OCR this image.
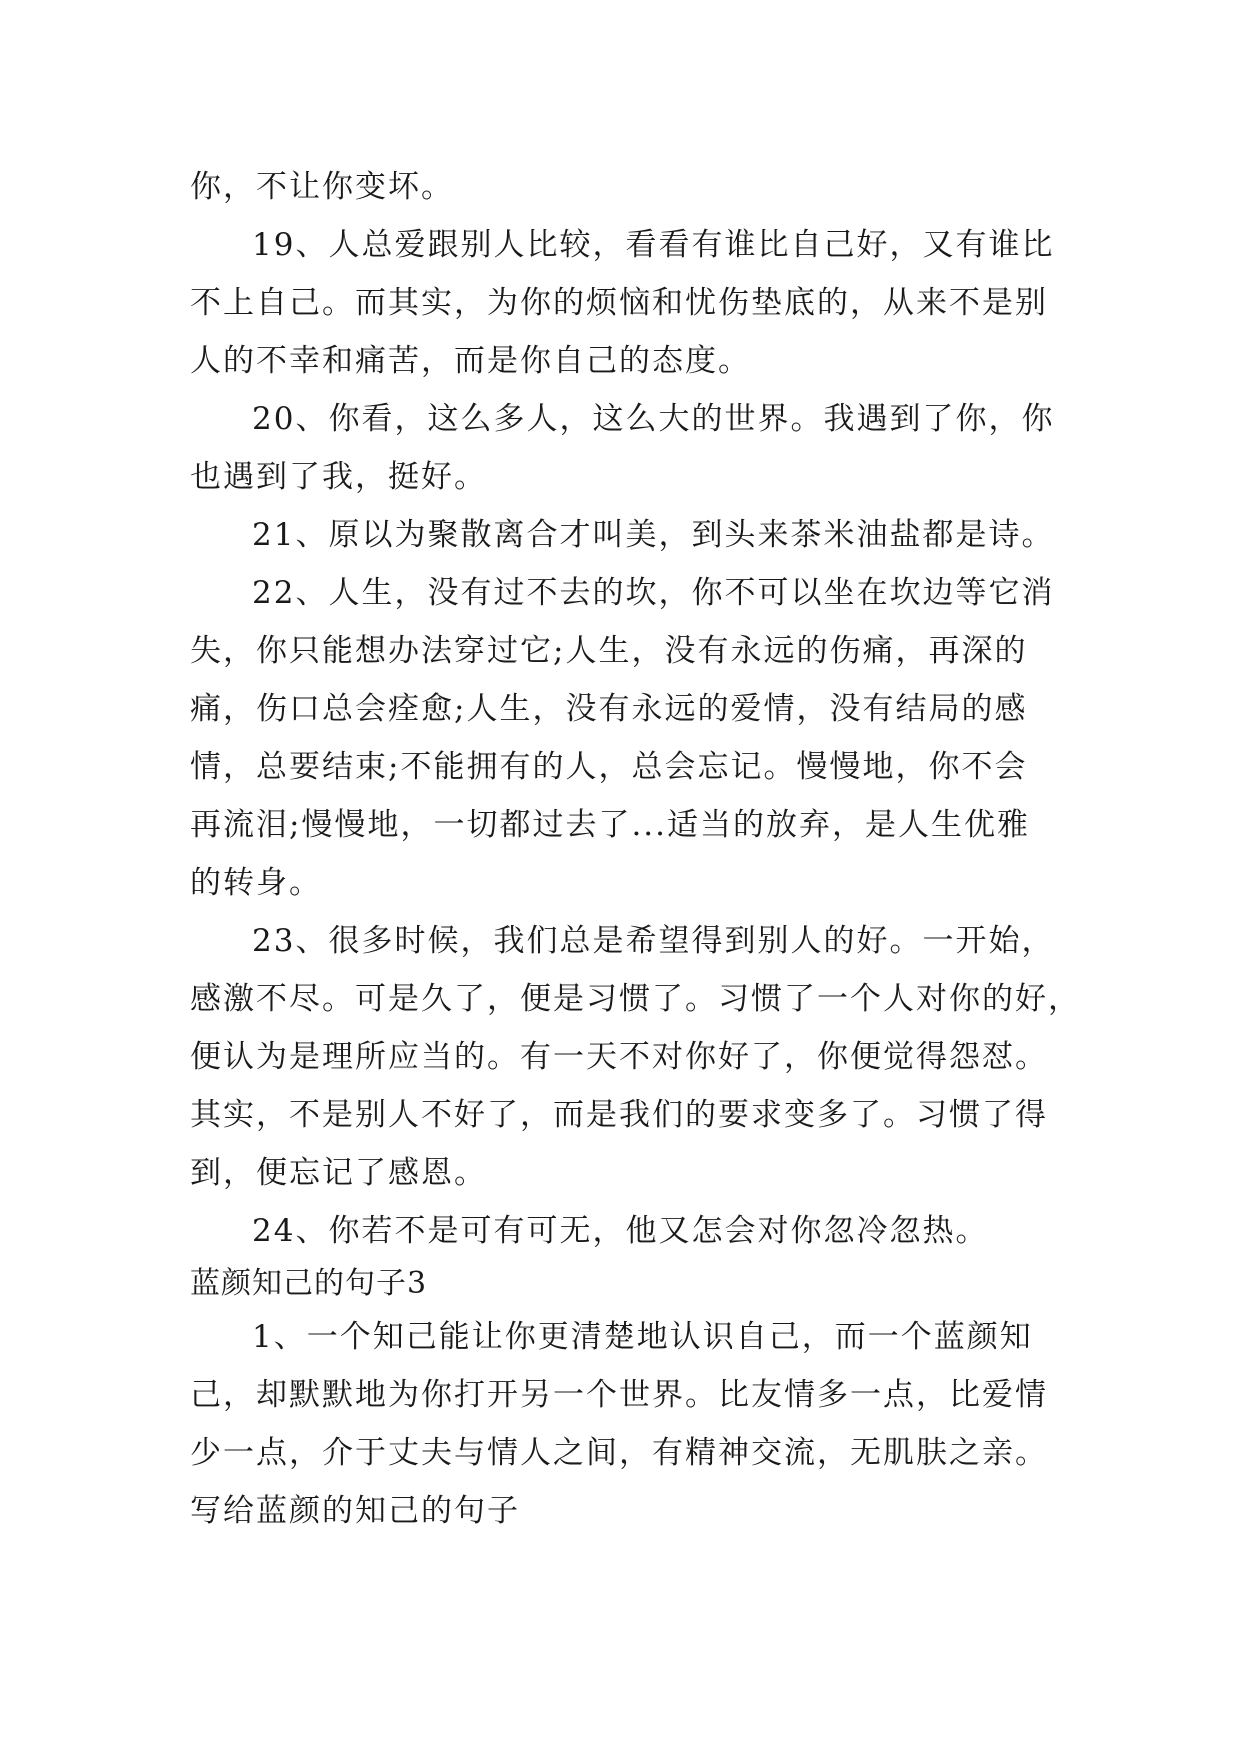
你，不让你变坏。
19、人总爱跟别人比较，看看有谁比自己好，又有谁比
不上自己。而其实，为你的烦恼和忧伤垫底的，从来不是别
人的不幸和痛苦，而是你自己的态度。
20、你看，这么多人，这么大的世界。我遇到了你，你
也遇到了我，挺好。
21、原以为聚散离合才叫美，到头来茶米油盐都是诗。
22、人生，没有过不去的坎，你不可以坐在坎边等它消
失，你只能想办法穿过它;人生，没有永远的伤痛，再深的
痛，伤口总会痊愈;人生，没有永远的爱情，没有结局的感
情，总要结束;不能拥有的人，总会忘记。慢慢地，你不会
再流泪;慢慢地，一切都过去了...适当的放弃，是人生优雅
的转身。
23、很多时候，我们总是希望得到别人的好。一开始，
感激不尽。可是久了，便是习惯了。习惯了一个人对你的好，
便认为是理所应当的。有一天不对你好了，你便觉得怨怼。
其实，不是别人不好了，而是我们的要求变多了。习惯了得
到，便忘记了感恩。
24、你若不是可有可无，他又怎会对你忽冷忽热。
蓝颜知己的句子3
1、一个知己能让你更清楚地认识自己，而一个蓝颜知
己，却默默地为你打开另一个世界。比友情多一点，比爱情
少一点，介于丈夫与情人之间，有精神交流，无肌肤之亲。
写给蓝颜的知己的句子
